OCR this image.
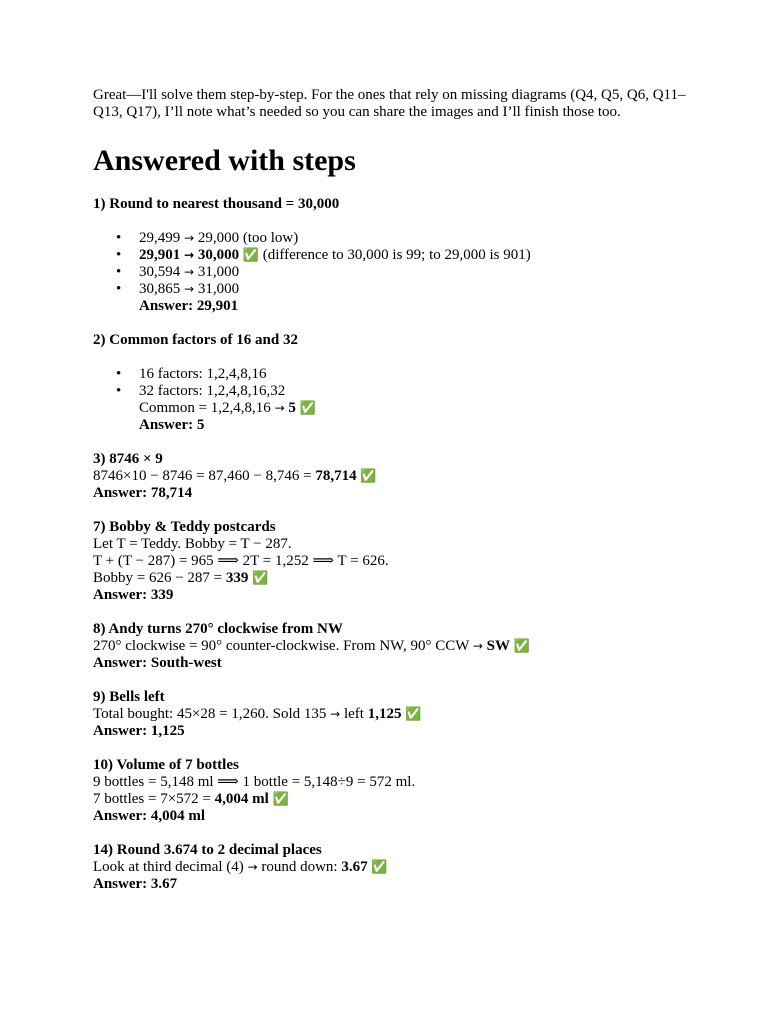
Great—I'll solve them step-by-step. For the ones that rely on missing diagrams (Q4, Q5, Q6, Q11–Q13, Q17), I’ll note what’s needed so you can share the images and I’ll finish those too.

Answered with steps

1) Round to nearest thousand = 30,000

•	29,499 → 29,000 (too low)
•	29,901 → 30,000 ✅ (difference to 30,000 is 99; to 29,000 is 901)
•	30,594 → 31,000
•	30,865 → 31,000

Answer: 29,901

2) Common factors of 16 and 32

•	16 factors: 1,2,4,8,16
•	32 factors: 1,2,4,8,16,32

Common = 1,2,4,8,16 → 5 ✅

Answer: 5

3) 8746 × 9

8746×10 − 8746 = 87,460 − 8,746 = 78,714 ✅

Answer: 78,714

7) Bobby & Teddy postcards

Let T = Teddy. Bobby = T − 287.

T + (T − 287) = 965 ⟹ 2T = 1,252 ⟹ T = 626.

Bobby = 626 − 287 = 339 ✅

Answer: 339

8) Andy turns 270° clockwise from NW

270° clockwise = 90° counter-clockwise. From NW, 90° CCW → SW ✅

Answer: South-west

9) Bells left

Total bought: 45×28 = 1,260. Sold 135 → left 1,125 ✅

Answer: 1,125

10) Volume of 7 bottles

9 bottles = 5,148 ml ⟹ 1 bottle = 5,148÷9 = 572 ml.

7 bottles = 7×572 = 4,004 ml ✅

Answer: 4,004 ml

14) Round 3.674 to 2 decimal places

Look at third decimal (4) → round down: 3.67 ✅

Answer: 3.67
